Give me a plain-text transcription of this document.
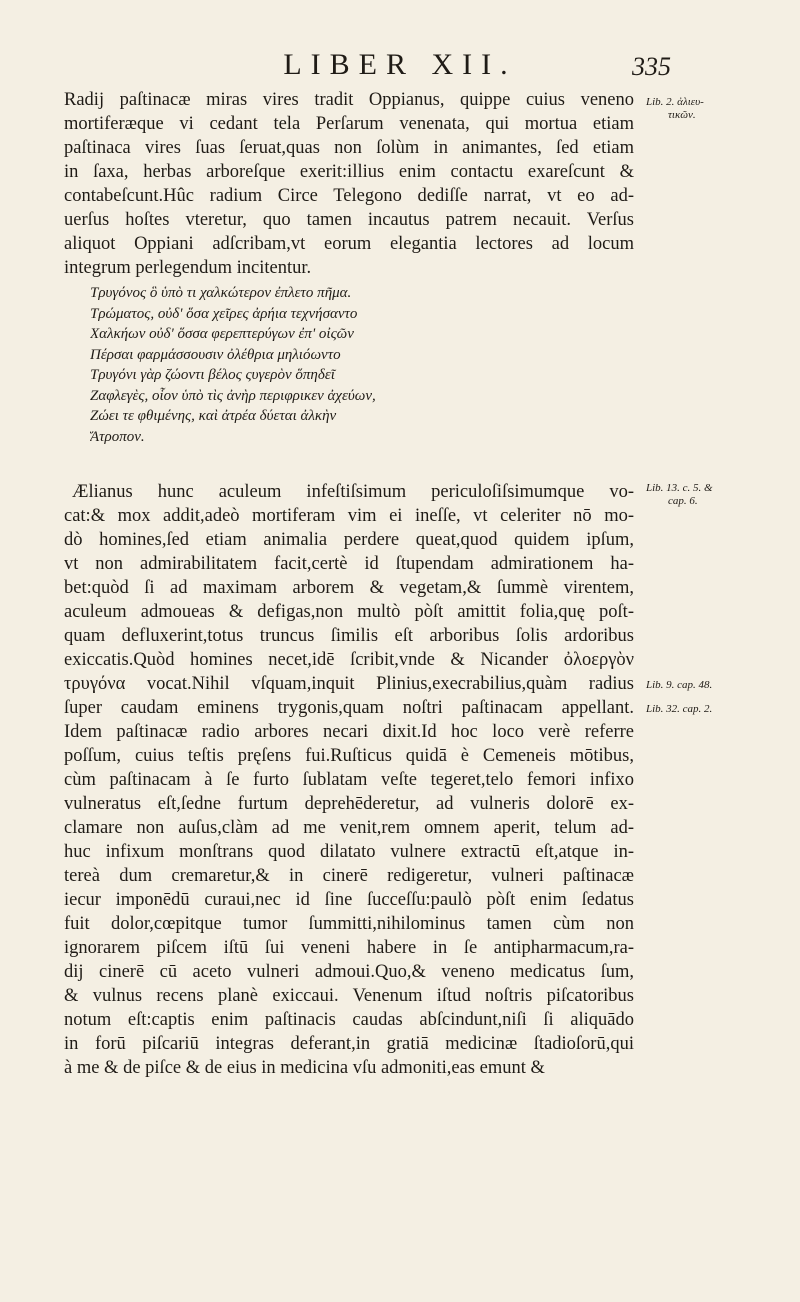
LIBER XII.	335
Radij paſtinacæ miras vires tradit Oppianus, quippe cuius veneno
mortiferæque vi cedant tela Perſarum venenata, qui mortua etiam
paſtinaca vires ſuas ſeruat,quas non ſolùm in animantes, ſed etiam
in ſaxa, herbas arboreſque exerit:illius enim contactu exareſcunt &
contabeſcunt.Hûc radium Circe Telegono dediſſe narrat, vt eo ad-
uerſus hoſtes vteretur, quo tamen incautus patrem necauit. Verſus
aliquot Oppiani adſcribam,vt eorum elegantia lectores ad locum
integrum perlegendum incitentur.
Τρυγόνος ὃ ὑπὸ τι χαλκώτερον ἐπλετο πῆμα.
Τρώματος, οὐδ' ὅσα χεῖρες ἀρήια τεχνήσαντο
Χαλκήων οὐδ' ὅσσα φερεπτερύγων ἐπ' οἰςῶν
Πέρσαι φαρμάσσουσιν ὀλέθρια μηλιόωντο
Τρυγόνι γὰρ ζώοντι βέλος ςυγερὸν ὅπηδεῖ
Ζαφλεγὲς, οἷον ὑπὸ τὶς ἀνὴρ περιφρικεν ἀχεύων,
Ζώει τε φθιμένης, καὶ ἀτρέα δύεται ἀλκὴν
Ἄτροπον.
Ælianus hunc aculeum infeſtiſsimum periculoſiſsimumque vo-
cat:& mox addit,adeò mortiferam vim ei ineſſe, vt celeriter nō mo-
dò homines,ſed etiam animalia perdere queat,quod quidem ipſum,
vt non admirabilitatem facit,certè id ſtupendam admirationem ha-
bet:quòd ſi ad maximam arborem & vegetam,& ſummè virentem,
aculeum admoueas & defigas,non multò pòſt amittit folia,quę poſt-
quam defluxerint,totus truncus ſimilis eſt arboribus ſolis ardoribus
exiccatis.Quòd homines necet,idē ſcribit,vnde & Nicander ὀλοεργὸν
τρυγόνα vocat.Nihil vſquam,inquit Plinius,execrabilius,quàm radius
ſuper caudam eminens trygonis,quam noſtri paſtinacam appellant.
Idem paſtinacæ radio arbores necari dixit.Id hoc loco verè referre
poſſum, cuius teſtis pręſens fui.Ruſticus quidā è Cemeneis mōtibus,
cùm paſtinacam à ſe furto ſublatam veſte tegeret,telo femori infixo
vulneratus eſt,ſedne furtum deprehēderetur, ad vulneris dolorē ex-
clamare non auſus,clàm ad me venit,rem omnem aperit, telum ad-
huc infixum monſtrans quod dilatato vulnere extractū eſt,atque in-
tereà dum cremaretur,& in cinerē redigeretur, vulneri paſtinacæ
iecur imponēdū curaui,nec id ſine ſucceſſu:paulò pòſt enim ſedatus
fuit dolor,cœpitque tumor ſummitti,nihilominus tamen cùm non
ignorarem piſcem iſtū ſui veneni habere in ſe antipharmacum,ra-
dij cinerē cū aceto vulneri admoui.Quo,& veneno medicatus ſum,
& vulnus recens planè exiccaui. Venenum iſtud noſtris piſcatoribus
notum eſt:captis enim paſtinacis caudas abſcindunt,niſi ſi aliquādo
in forū piſcariū integras deferant,in gratiā medicinæ ſtadioſorū,qui
à me & de piſce & de eius in medicina vſu admoniti,eas emunt &
Lib. 2. ἀλιευ-
τικῶν.
Lib. 13. c. 5. &
cap. 6.
Lib. 9. cap. 48.
Lib. 32. cap. 2.
